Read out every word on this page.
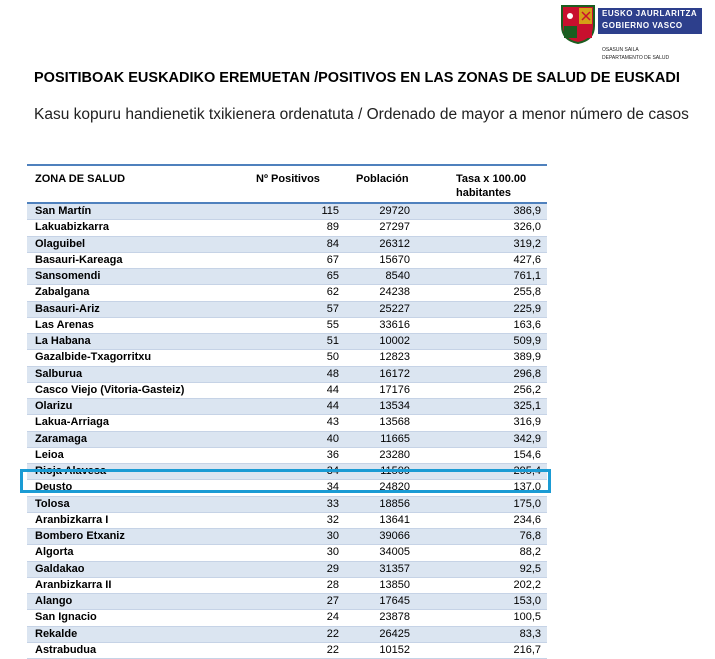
EUSKO JAURLARITZA
GOBIERNO VASCO
OSASUN SAILA
DEPARTAMENTO DE SALUD
POSITIBOAK EUSKADIKO EREMUETAN /POSITIVOS EN LAS ZONAS DE SALUD DE EUSKADI
Kasu kopuru handienetik txikienera ordenatuta / Ordenado de mayor a menor número de casos
ZONA DE SALUD	Nº Positivos	Población	Tasa x 100.00 habitantes
San Martín	115	29720	386,9
Lakuabizkarra	89	27297	326,0
Olaguibel	84	26312	319,2
Basauri-Kareaga	67	15670	427,6
Sansomendi	65	8540	761,1
Zabalgana	62	24238	255,8
Basauri-Ariz	57	25227	225,9
Las Arenas	55	33616	163,6
La Habana	51	10002	509,9
Gazalbide-Txagorritxu	50	12823	389,9
Salburua	48	16172	296,8
Casco Viejo (Vitoria-Gasteiz)	44	17176	256,2
Olarizu	44	13534	325,1
Lakua-Arriaga	43	13568	316,9
Zaramaga	40	11665	342,9
Leioa	36	23280	154,6
Rioja Alavesa	34	11509	295,4
Deusto	34	24820	137,0
Tolosa	33	18856	175,0
Aranbizkarra I	32	13641	234,6
Bombero Etxaniz	30	39066	76,8
Algorta	30	34005	88,2
Galdakao	29	31357	92,5
Aranbizkarra II	28	13850	202,2
Alango	27	17645	153,0
San Ignacio	24	23878	100,5
Rekalde	22	26425	83,3
Astrabudua	22	10152	216,7
